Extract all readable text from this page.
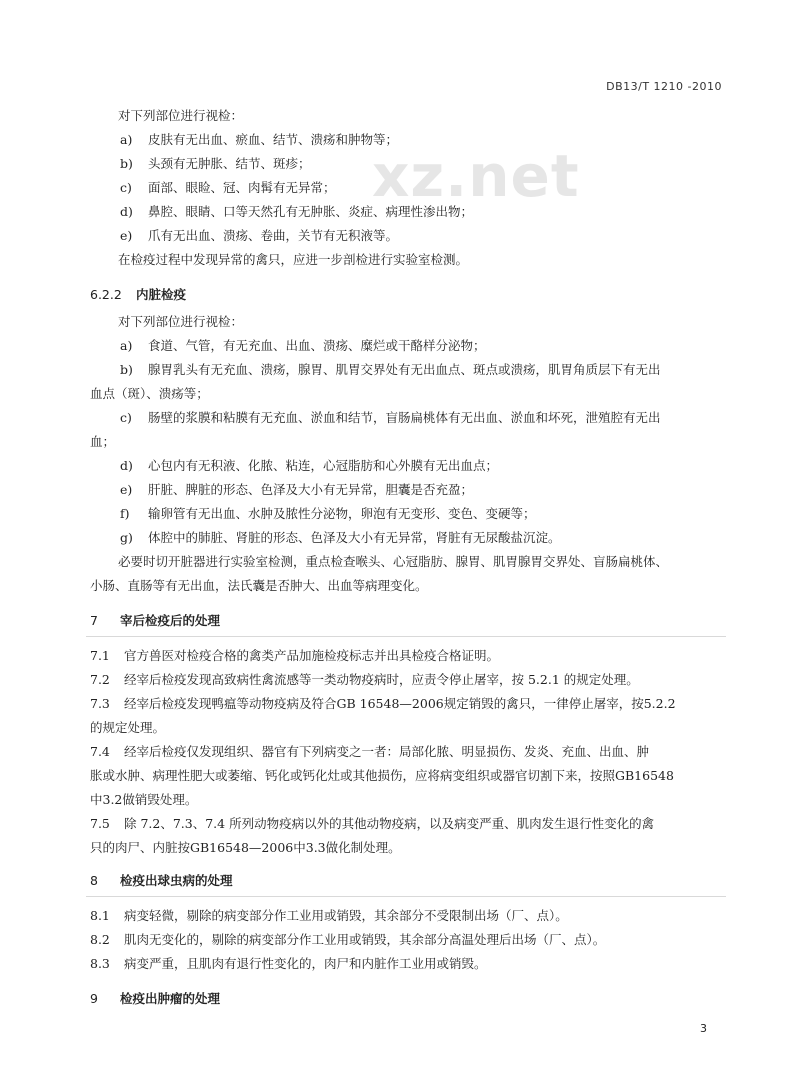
DB13/T 1210 -2010
xz.net
对下列部位进行视检：
a) 皮肤有无出血、瘀血、结节、溃疡和肿物等；
b) 头颈有无肿胀、结节、斑疹；
c) 面部、眼睑、冠、肉髯有无异常；
d) 鼻腔、眼睛、口等天然孔有无肿胀、炎症、病理性渗出物；
e) 爪有无出血、溃疡、卷曲，关节有无积液等。
在检疫过程中发现异常的禽只，应进一步剖检进行实验室检测。
6.2.2 内脏检疫
对下列部位进行视检：
a) 食道、气管，有无充血、出血、溃疡、糜烂或干酪样分泌物；
b) 腺胃乳头有无充血、溃疡，腺胃、肌胃交界处有无出血点、斑点或溃疡，肌胃角质层下有无出
血点（斑）、溃疡等；
c) 肠壁的浆膜和粘膜有无充血、淤血和结节，盲肠扁桃体有无出血、淤血和坏死，泄殖腔有无出
血；
d) 心包内有无积液、化脓、粘连，心冠脂肪和心外膜有无出血点；
e) 肝脏、脾脏的形态、色泽及大小有无异常，胆囊是否充盈；
f) 输卵管有无出血、水肿及脓性分泌物，卵泡有无变形、变色、变硬等；
g) 体腔中的肺脏、肾脏的形态、色泽及大小有无异常，肾脏有无尿酸盐沉淀。
必要时切开脏器进行实验室检测，重点检查喉头、心冠脂肪、腺胃、肌胃腺胃交界处、盲肠扁桃体、
小肠、直肠等有无出血，法氏囊是否肿大、出血等病理变化。
7 宰后检疫后的处理
7.1 官方兽医对检疫合格的禽类产品加施检疫标志并出具检疫合格证明。
7.2 经宰后检疫发现高致病性禽流感等一类动物疫病时，应责令停止屠宰，按 5.2.1 的规定处理。
7.3 经宰后检疫发现鸭瘟等动物疫病及符合GB 16548—2006规定销毁的禽只，一律停止屠宰，按5.2.2
的规定处理。
7.4 经宰后检疫仅发现组织、器官有下列病变之一者：局部化脓、明显损伤、发炎、充血、出血、肿
胀或水肿、病理性肥大或萎缩、钙化或钙化灶或其他损伤，应将病变组织或器官切割下来，按照GB16548
中3.2做销毁处理。
7.5 除 7.2、7.3、7.4 所列动物疫病以外的其他动物疫病，以及病变严重、肌肉发生退行性变化的禽
只的肉尸、内脏按GB16548—2006中3.3做化制处理。
8 检疫出球虫病的处理
8.1 病变轻微，剔除的病变部分作工业用或销毁，其余部分不受限制出场（厂、点）。
8.2 肌肉无变化的，剔除的病变部分作工业用或销毁，其余部分高温处理后出场（厂、点）。
8.3 病变严重，且肌肉有退行性变化的，肉尸和内脏作工业用或销毁。
9 检疫出肿瘤的处理
3
